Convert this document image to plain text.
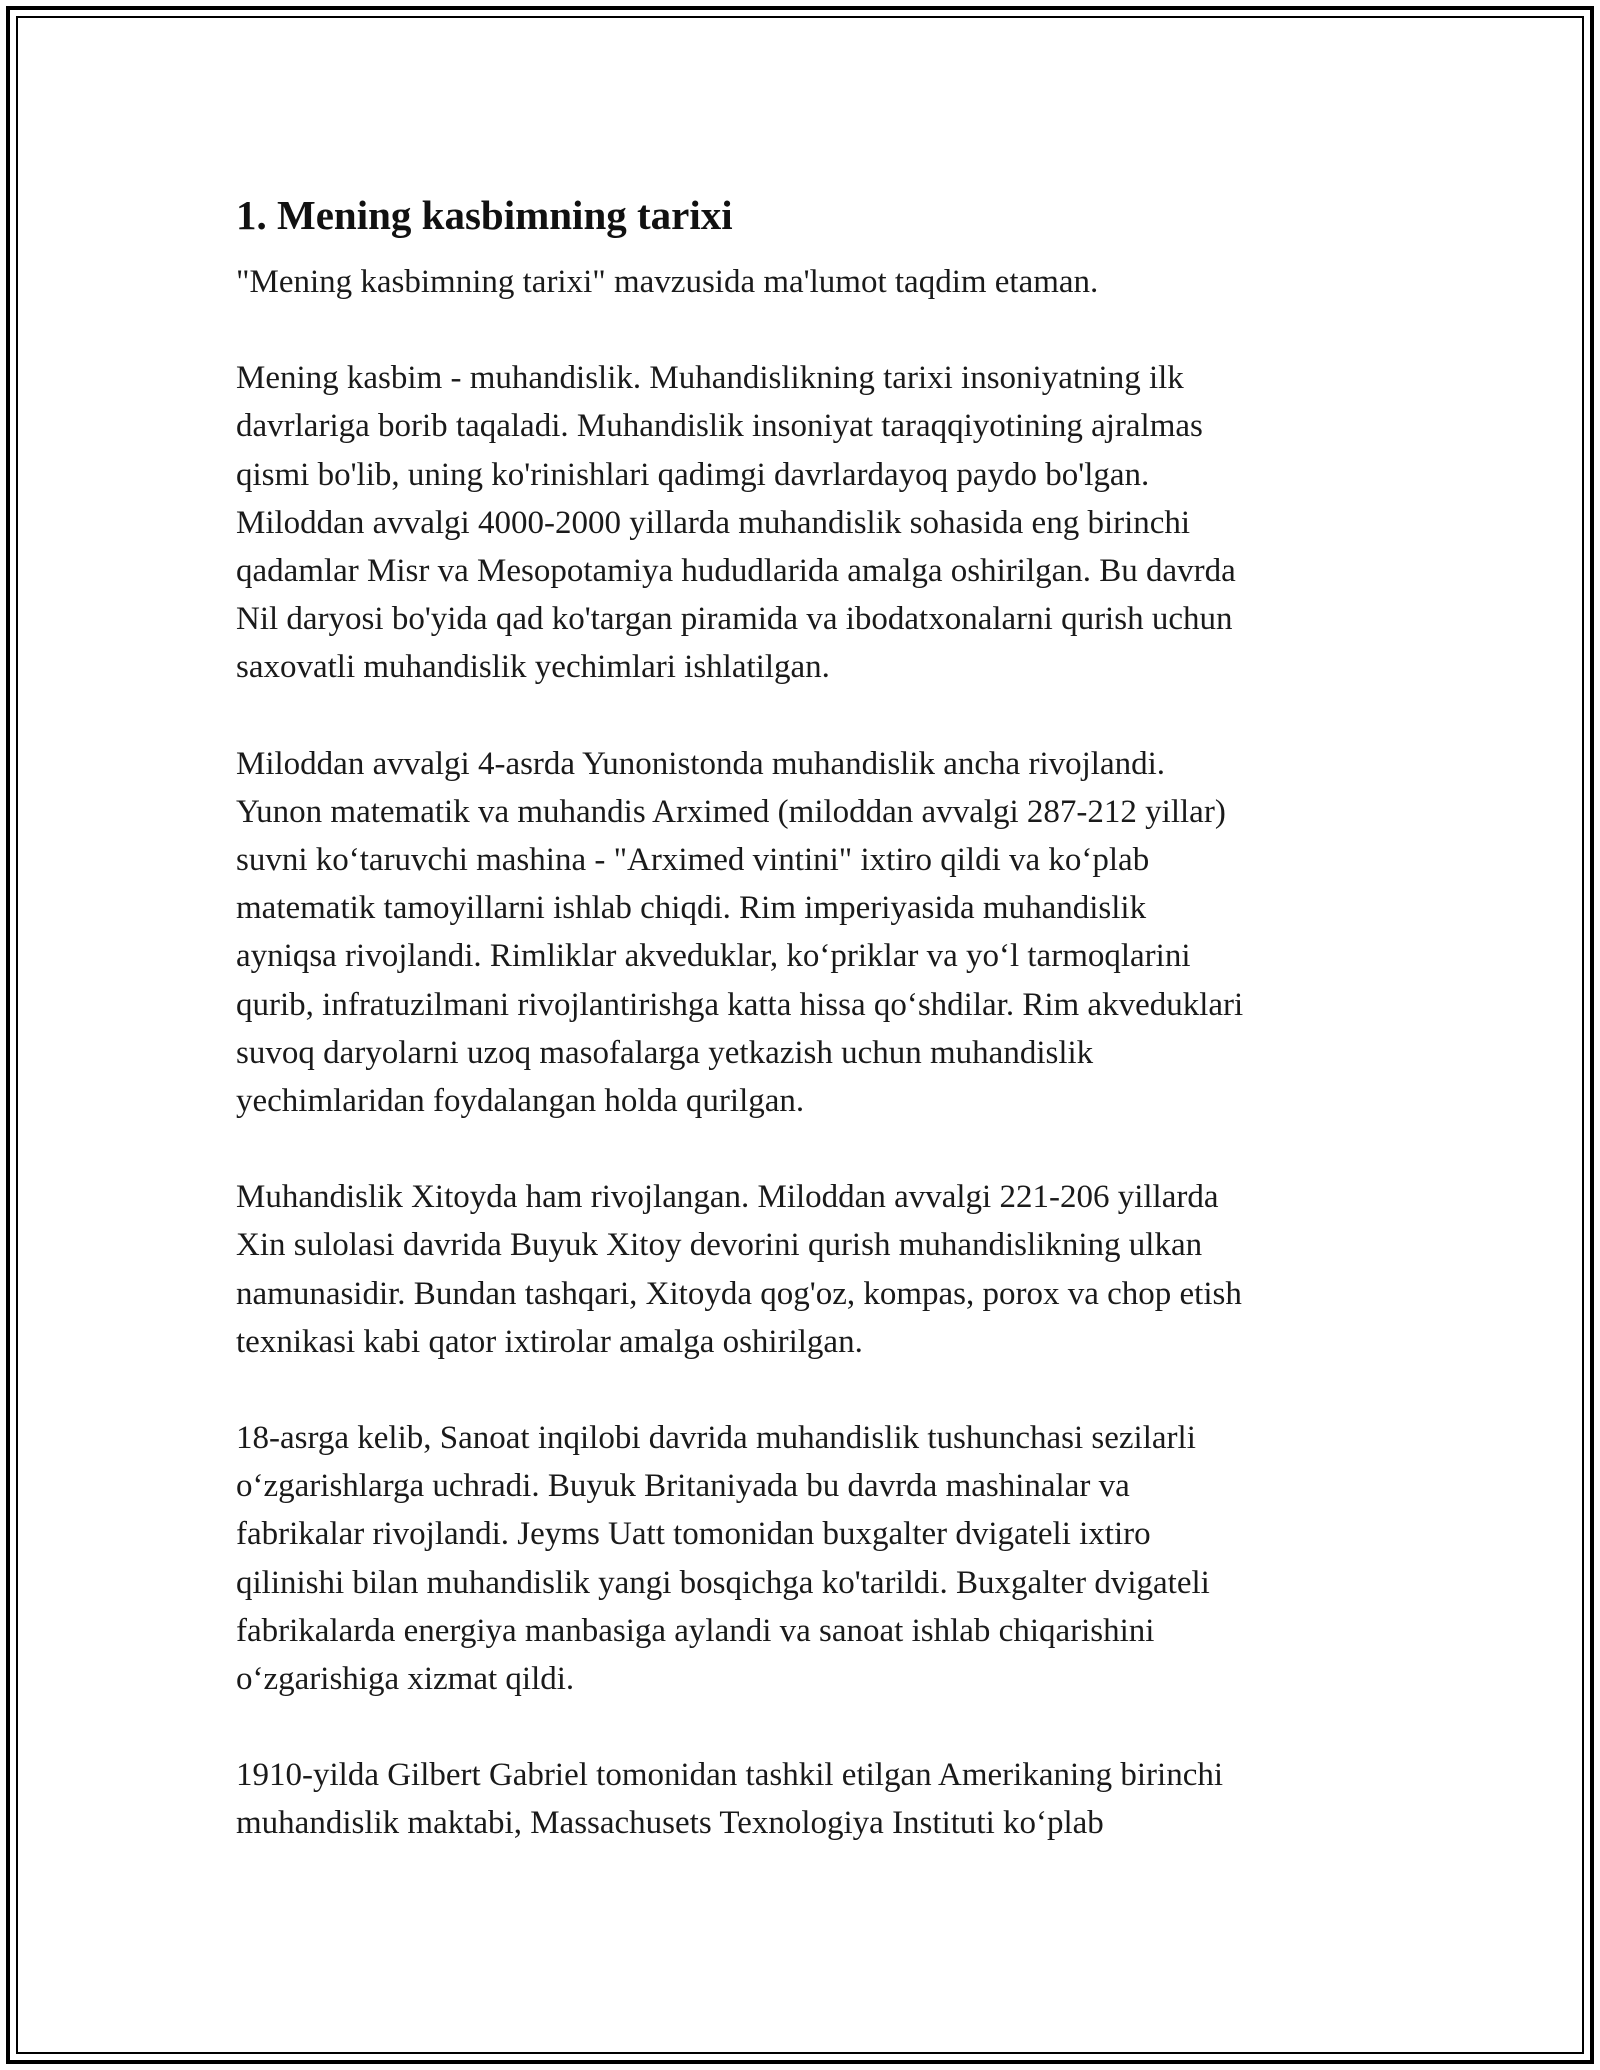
1. Mening kasbimning tarixi
"Mening kasbimning tarixi" mavzusida ma'lumot taqdim etaman.
Mening kasbim - muhandislik. Muhandislikning tarixi insoniyatning ilk
davrlariga borib taqaladi. Muhandislik insoniyat taraqqiyotining ajralmas
qismi bo'lib, uning ko'rinishlari qadimgi davrlardayoq paydo bo'lgan.
Miloddan avvalgi 4000-2000 yillarda muhandislik sohasida eng birinchi
qadamlar Misr va Mesopotamiya hududlarida amalga oshirilgan. Bu davrda
Nil daryosi bo'yida qad ko'targan piramida va ibodatxonalarni qurish uchun
saxovatli muhandislik yechimlari ishlatilgan.
Miloddan avvalgi 4-asrda Yunonistonda muhandislik ancha rivojlandi.
Yunon matematik va muhandis Arximed (miloddan avvalgi 287-212 yillar)
suvni koʻtaruvchi mashina - "Arximed vintini" ixtiro qildi va koʻplab
matematik tamoyillarni ishlab chiqdi. Rim imperiyasida muhandislik
ayniqsa rivojlandi. Rimliklar akveduklar, koʻpriklar va yoʻl tarmoqlarini
qurib, infratuzilmani rivojlantirishga katta hissa qoʻshdilar. Rim akveduklari
suvoq daryolarni uzoq masofalarga yetkazish uchun muhandislik
yechimlaridan foydalangan holda qurilgan.
Muhandislik Xitoyda ham rivojlangan. Miloddan avvalgi 221-206 yillarda
Xin sulolasi davrida Buyuk Xitoy devorini qurish muhandislikning ulkan
namunasidir. Bundan tashqari, Xitoyda qog'oz, kompas, porox va chop etish
texnikasi kabi qator ixtirolar amalga oshirilgan.
18-asrga kelib, Sanoat inqilobi davrida muhandislik tushunchasi sezilarli
oʻzgarishlarga uchradi. Buyuk Britaniyada bu davrda mashinalar va
fabrikalar rivojlandi. Jeyms Uatt tomonidan buxgalter dvigateli ixtiro
qilinishi bilan muhandislik yangi bosqichga ko'tarildi. Buxgalter dvigateli
fabrikalarda energiya manbasiga aylandi va sanoat ishlab chiqarishini
oʻzgarishiga xizmat qildi.
1910-yilda Gilbert Gabriel tomonidan tashkil etilgan Amerikaning birinchi
muhandislik maktabi, Massachusets Texnologiya Instituti koʻplab
